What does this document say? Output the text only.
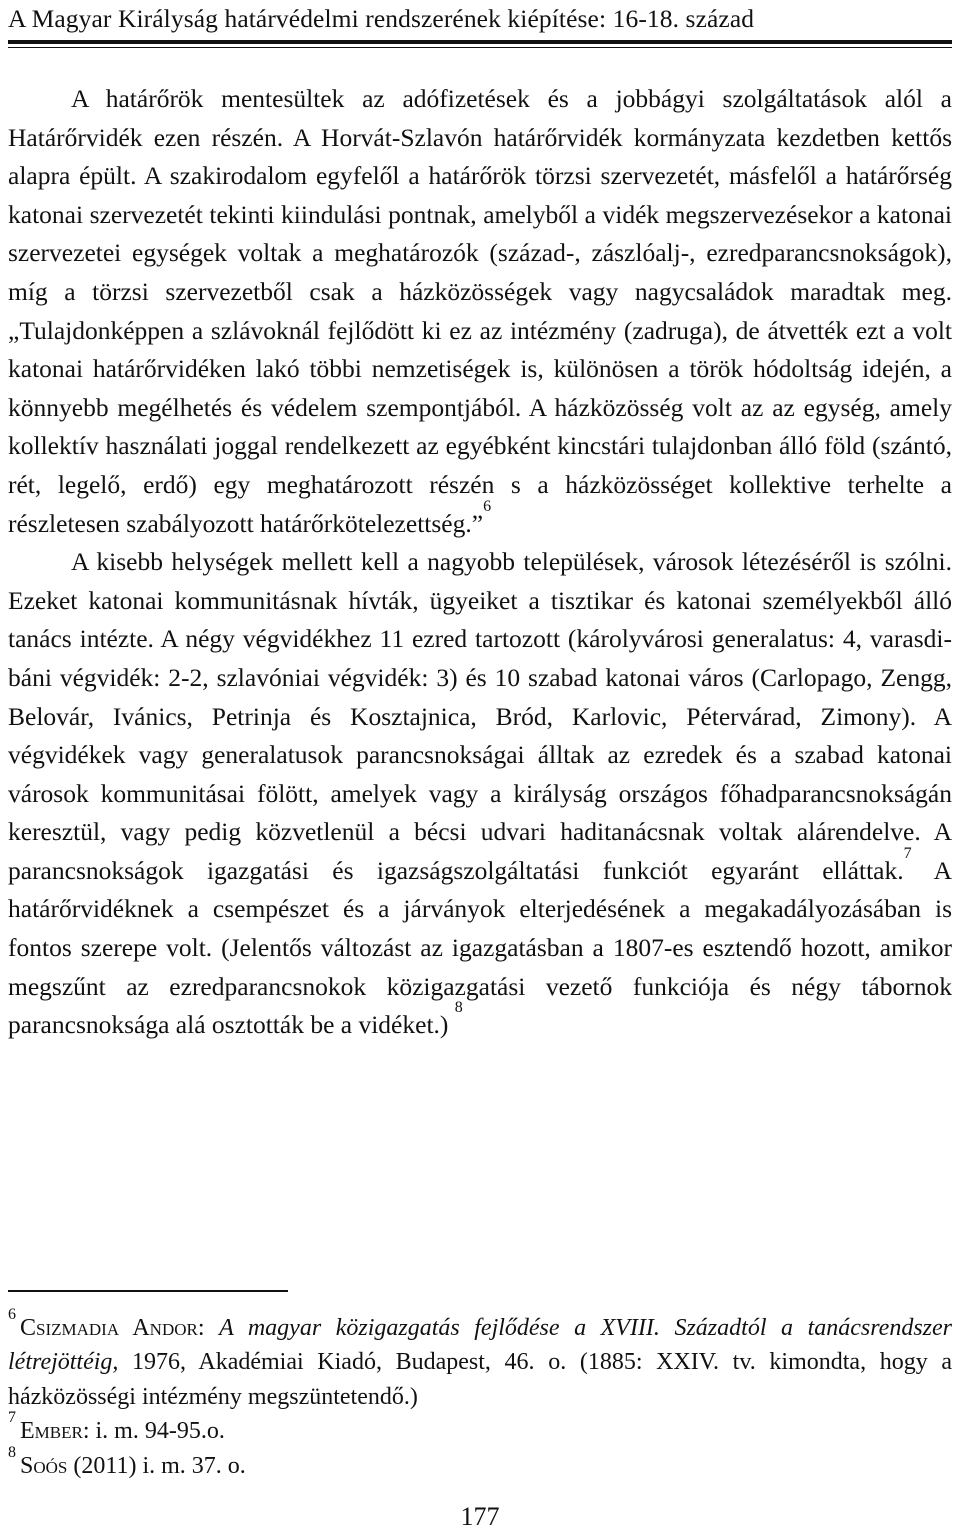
A Magyar Királyság határvédelmi rendszerének kiépítése: 16-18. század

A határőrök mentesültek az adófizetések és a jobbágyi szolgáltatások alól a Határőrvidék ezen részén. A Horvát-Szlavón határőrvidék kormányzata kezdetben kettős alapra épült. A szakirodalom egyfelől a határőrök törzsi szervezetét, másfelől a határőrség katonai szervezetét tekinti kiindulási pontnak, amelyből a vidék megszervezésekor a katonai szervezetei egységek voltak a meghatározók (század-, zászlóalj-, ezredparancsnokságok), míg a törzsi szervezetből csak a házközösségek vagy nagycsaládok maradtak meg. „Tulajdonképpen a szlávoknál fejlődött ki ez az intézmény (zadruga), de átvették ezt a volt katonai határőrvidéken lakó többi nemzetiségek is, különösen a török hódoltság idején, a könnyebb megélhetés és védelem szempontjából. A házközösség volt az az egység, amely kollektív használati joggal rendelkezett az egyébként kincstári tulajdonban álló föld (szántó, rét, legelő, erdő) egy meghatározott részén s a házközösséget kollektive terhelte a részletesen szabályozott határőrkötelezettség.”$^6$

A kisebb helységek mellett kell a nagyobb települések, városok létezéséről is szólni. Ezeket katonai kommunitásnak hívták, ügyeiket a tisztikar és katonai személyekből álló tanács intézte. A négy végvidékhez 11 ezred tartozott (károlyvárosi generalatus: 4, varasdi-báni végvidék: 2-2, szlavóniai végvidék: 3) és 10 szabad katonai város (Carlopago, Zengg, Belovár, Ivánics, Petrinja és Kosztajnica, Bród, Karlovic, Pétervárad, Zimony). A végvidékek vagy generalatusok parancsnokságai álltak az ezredek és a szabad katonai városok kommunitásai fölött, amelyek vagy a királyság országos főhadparancsnokságán keresztül, vagy pedig közvetlenül a bécsi udvari haditanácsnak voltak alárendelve. A parancsnokságok igazgatási és igazságszolgáltatási funkciót egyaránt elláttak.$^7$ A határőrvidéknek a csempészet és a járványok elterjedésének a megakadályozásában is fontos szerepe volt. (Jelentős változást az igazgatásban a 1807-es esztendő hozott, amikor megszűnt az ezredparancsnokok közigazgatási vezető funkciója és négy tábornok parancsnoksága alá osztották be a vidéket.) $^8$

$^6$Csizmadia Andor: A magyar közigazgatás fejlődése a XVIII. Századtól a tanácsrendszer létrejöttéig, 1976, Akadémiai Kiadó, Budapest, 46. o. (1885: XXIV. tv. kimondta, hogy a házközösségi intézmény megszüntetendő.)

$^7$Ember: i. m. 94-95.o.

$^8$Soós (2011) i. m. 37. o.

177
